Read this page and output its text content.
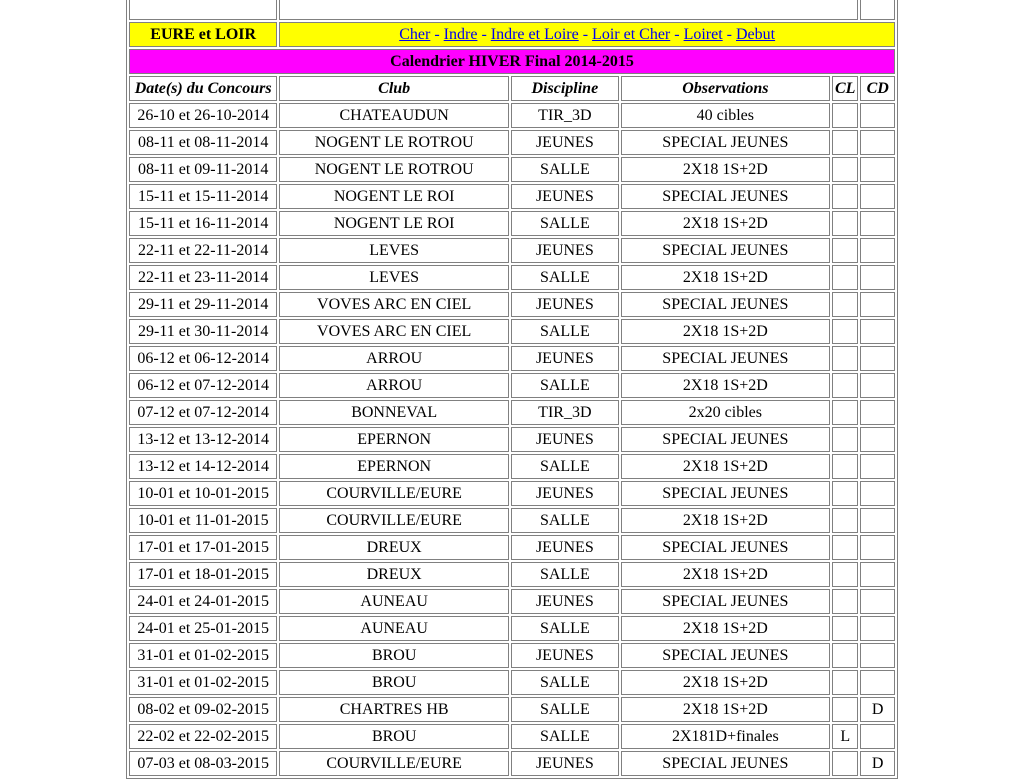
EURE et LOIR	Cher - Indre - Indre et Loire - Loir et Cher - Loiret - Debut				
Calendrier HIVER Final 2014-2015					
Date(s) du Concours	Club	Discipline	Observations	CL	CD
26-10 et 26-10-2014	CHATEAUDUN	TIR_3D	40 cibles		
08-11 et 08-11-2014	NOGENT LE ROTROU	JEUNES	SPECIAL JEUNES		
08-11 et 09-11-2014	NOGENT LE ROTROU	SALLE	2X18 1S+2D		
15-11 et 15-11-2014	NOGENT LE ROI	JEUNES	SPECIAL JEUNES		
15-11 et 16-11-2014	NOGENT LE ROI	SALLE	2X18 1S+2D		
22-11 et 22-11-2014	LEVES	JEUNES	SPECIAL JEUNES		
22-11 et 23-11-2014	LEVES	SALLE	2X18 1S+2D		
29-11 et 29-11-2014	VOVES ARC EN CIEL	JEUNES	SPECIAL JEUNES		
29-11 et 30-11-2014	VOVES ARC EN CIEL	SALLE	2X18 1S+2D		
06-12 et 06-12-2014	ARROU	JEUNES	SPECIAL JEUNES		
06-12 et 07-12-2014	ARROU	SALLE	2X18 1S+2D		
07-12 et 07-12-2014	BONNEVAL	TIR_3D	2x20 cibles		
13-12 et 13-12-2014	EPERNON	JEUNES	SPECIAL JEUNES		
13-12 et 14-12-2014	EPERNON	SALLE	2X18 1S+2D		
10-01 et 10-01-2015	COURVILLE/EURE	JEUNES	SPECIAL JEUNES		
10-01 et 11-01-2015	COURVILLE/EURE	SALLE	2X18 1S+2D		
17-01 et 17-01-2015	DREUX	JEUNES	SPECIAL JEUNES		
17-01 et 18-01-2015	DREUX	SALLE	2X18 1S+2D		
24-01 et 24-01-2015	AUNEAU	JEUNES	SPECIAL JEUNES		
24-01 et 25-01-2015	AUNEAU	SALLE	2X18 1S+2D		
31-01 et 01-02-2015	BROU	JEUNES	SPECIAL JEUNES		
31-01 et 01-02-2015	BROU	SALLE	2X18 1S+2D		
08-02 et 09-02-2015	CHARTRES HB	SALLE	2X18 1S+2D		D
22-02 et 22-02-2015	BROU	SALLE	2X181D+finales	L	
07-03 et 08-03-2015	COURVILLE/EURE	JEUNES	SPECIAL JEUNES		D
